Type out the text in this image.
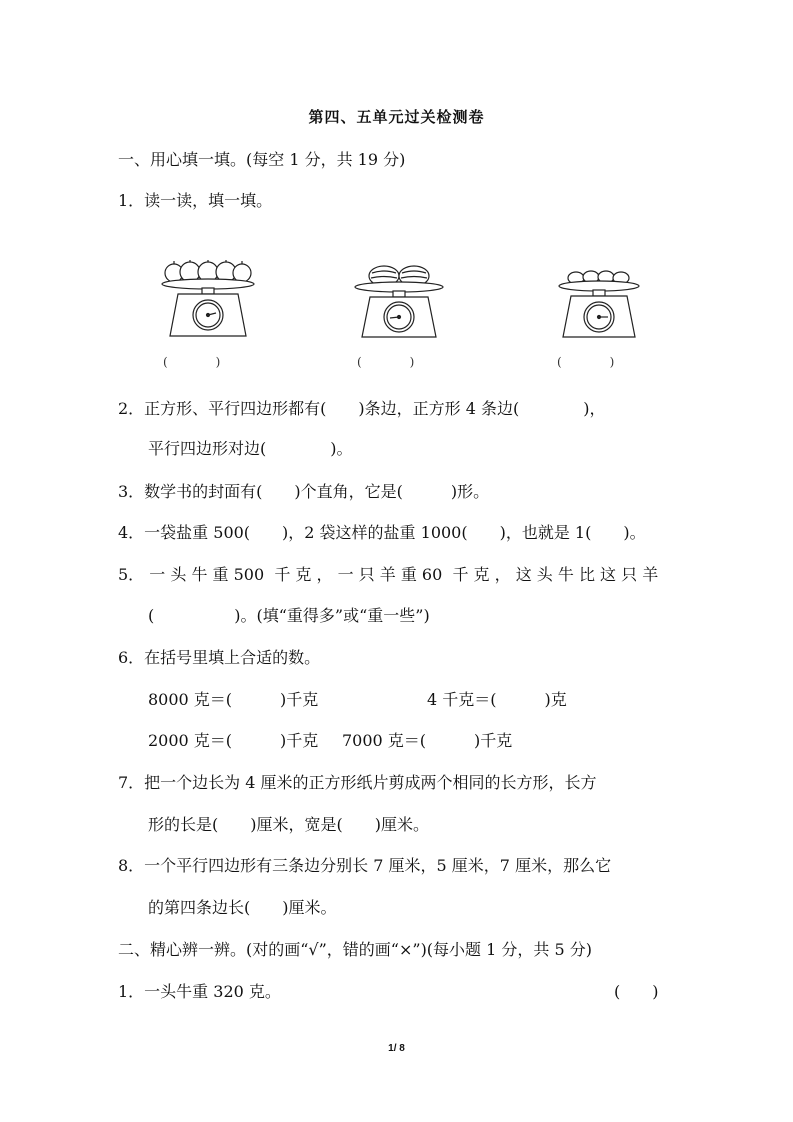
第四、五单元过关检测卷
一、用心填一填。(每空 1 分，共 19 分)
1．读一读，填一填。
(　　　　)	(　　　　)	(　　　　)
2．正方形、平行四边形都有(　　)条边，正方形 4 条边(　　　　)，
平行四边形对边(　　　　)。
3．数学书的封面有(　　)个直角，它是(　　　)形。
4．一袋盐重 500(　　)，2 袋这样的盐重 1000(　　)，也就是 1(　　)。
5． 一 头 牛 重 500  千 克 ， 一 只 羊 重 60  千 克 ， 这 头 牛 比 这 只 羊
(　　　　　)。(填“重得多”或“重一些”)
6．在括号里填上合适的数。
8000 克＝(　　　)千克	4 千克＝(　　　)克
2000 克＝(　　　)千克 7000 克＝(　　　)千克
7．把一个边长为 4 厘米的正方形纸片剪成两个相同的长方形，长方
形的长是(　　)厘米，宽是(　　)厘米。
8．一个平行四边形有三条边分别长 7 厘米，5 厘米，7 厘米，那么它
的第四条边长(　　)厘米。
二、精心辨一辨。(对的画“√”，错的画“×”)(每小题 1 分，共 5 分)
1．一头牛重 320 克。	(　　)
1/ 8
